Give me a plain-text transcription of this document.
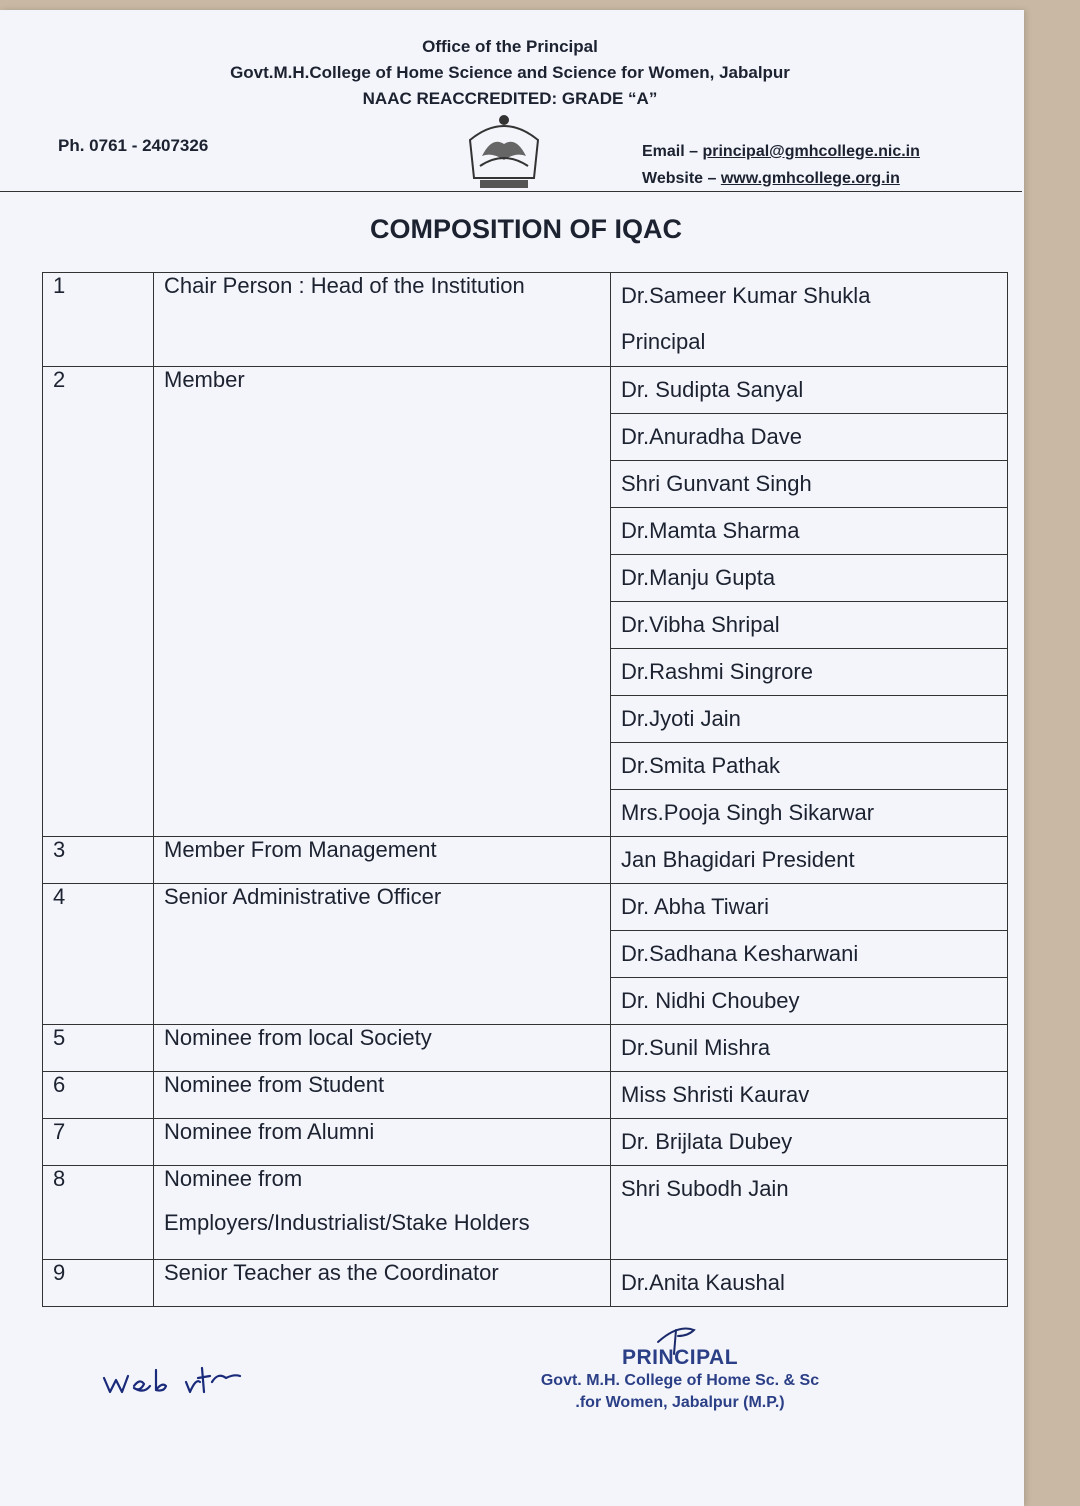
Office of the Principal
Govt.M.H.College of Home Science and Science for Women, Jabalpur
NAAC REACCREDITED: GRADE “A”
Ph. 0761 - 2407326	Email – principal@gmhcollege.nic.in
Website – www.gmhcollege.org.in
COMPOSITION OF IQAC
1	Chair Person : Head of the Institution	Dr.Sameer Kumar Shukla
		Principal
2	Member	Dr. Sudipta Sanyal
		Dr.Anuradha Dave
		Shri Gunvant Singh
		Dr.Mamta Sharma
		Dr.Manju Gupta
		Dr.Vibha Shripal
		Dr.Rashmi Singrore
		Dr.Jyoti Jain
		Dr.Smita Pathak
		Mrs.Pooja Singh Sikarwar
3	Member From Management	Jan Bhagidari President
4	Senior Administrative Officer	Dr. Abha Tiwari
		Dr.Sadhana Kesharwani
		Dr. Nidhi Choubey
5	Nominee from local Society	Dr.Sunil Mishra
6	Nominee from Student	Miss Shristi Kaurav
7	Nominee from Alumni	Dr. Brijlata Dubey
8	Nominee from
Employers/Industrialist/Stake Holders	Shri Subodh Jain
9	Senior Teacher as the Coordinator	Dr.Anita Kaushal
PRINCIPAL
Govt. M.H. College of Home Sc. & Sc
.for Women, Jabalpur (M.P.)
